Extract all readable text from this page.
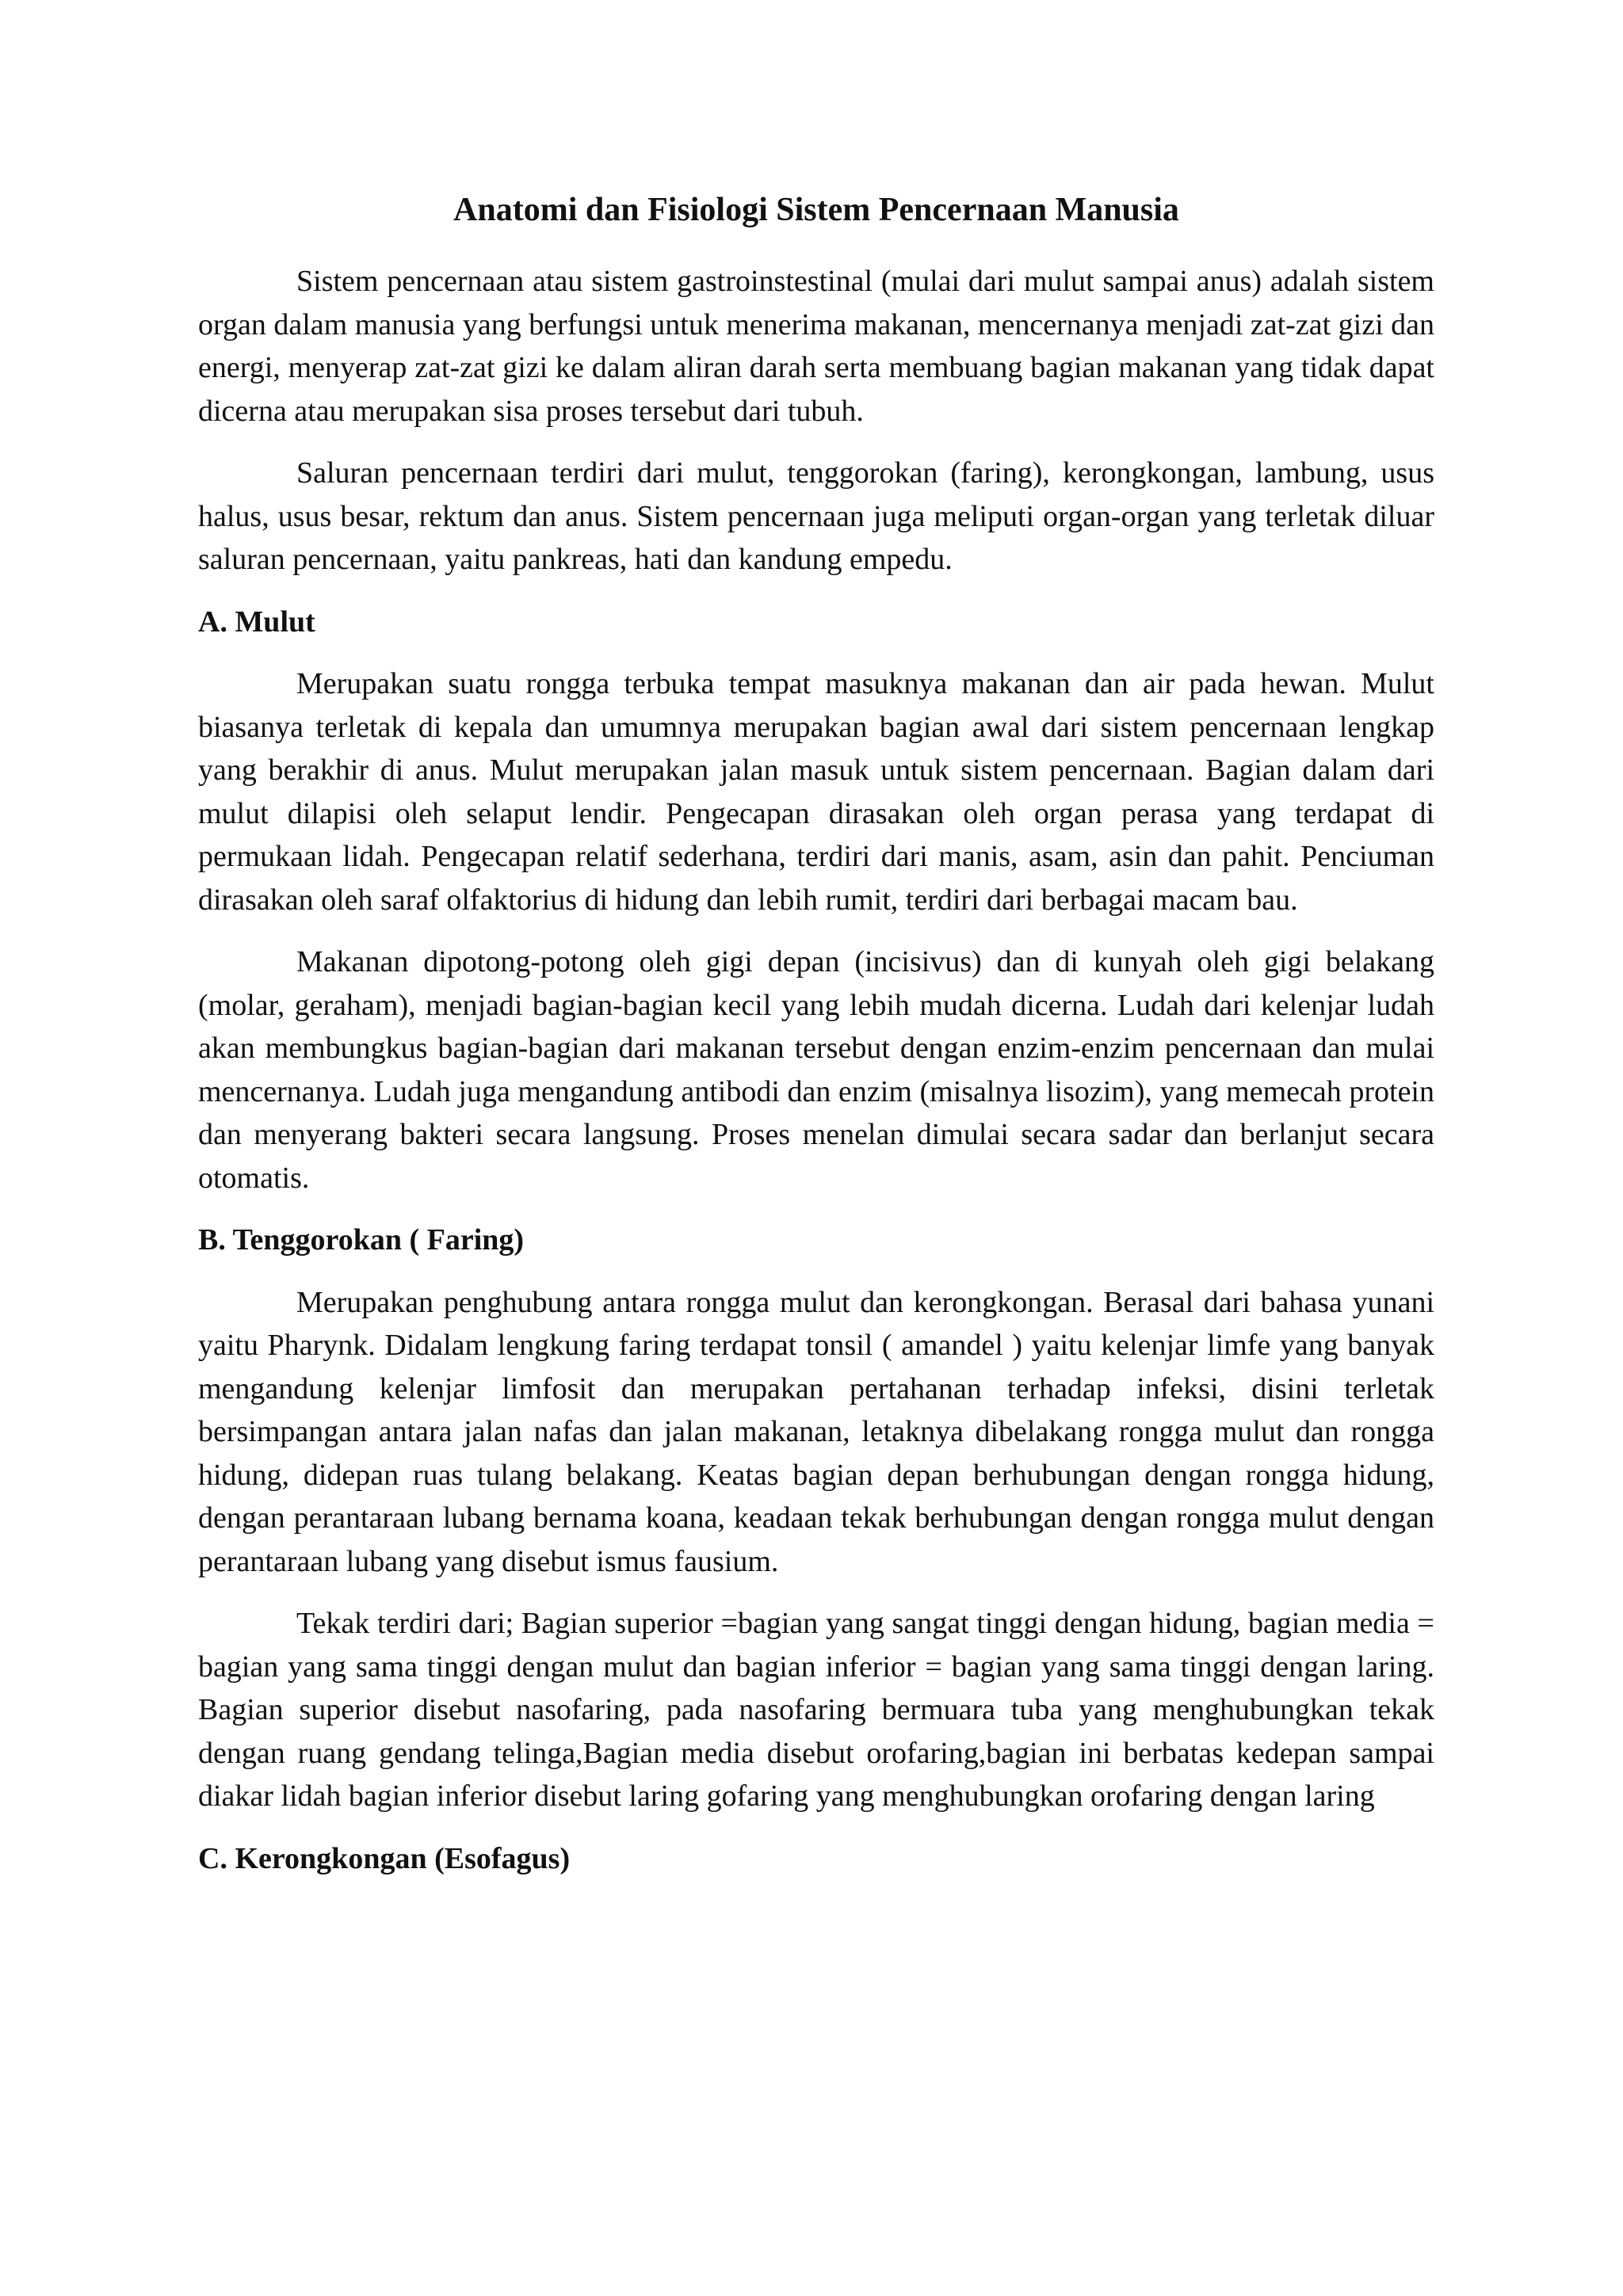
Anatomi dan Fisiologi Sistem Pencernaan Manusia

Sistem pencernaan atau sistem gastroinstestinal (mulai dari mulut sampai anus) adalah sistem organ dalam manusia yang berfungsi untuk menerima makanan, mencernanya menjadi zat-zat gizi dan energi, menyerap zat-zat gizi ke dalam aliran darah serta membuang bagian makanan yang tidak dapat dicerna atau merupakan sisa proses tersebut dari tubuh.

Saluran pencernaan terdiri dari mulut, tenggorokan (faring), kerongkongan, lambung, usus halus, usus besar, rektum dan anus. Sistem pencernaan juga meliputi organ-organ yang terletak diluar saluran pencernaan, yaitu pankreas, hati dan kandung empedu.

A. Mulut

Merupakan suatu rongga terbuka tempat masuknya makanan dan air pada hewan. Mulut biasanya terletak di kepala dan umumnya merupakan bagian awal dari sistem pencernaan lengkap yang berakhir di anus. Mulut merupakan jalan masuk untuk sistem pencernaan. Bagian dalam dari mulut dilapisi oleh selaput lendir. Pengecapan dirasakan oleh organ perasa yang terdapat di permukaan lidah. Pengecapan relatif sederhana, terdiri dari manis, asam, asin dan pahit. Penciuman dirasakan oleh saraf olfaktorius di hidung dan lebih rumit, terdiri dari berbagai macam bau.

Makanan dipotong-potong oleh gigi depan (incisivus) dan di kunyah oleh gigi belakang (molar, geraham), menjadi bagian-bagian kecil yang lebih mudah dicerna. Ludah dari kelenjar ludah akan membungkus bagian-bagian dari makanan tersebut dengan enzim-enzim pencernaan dan mulai mencernanya. Ludah juga mengandung antibodi dan enzim (misalnya lisozim), yang memecah protein dan menyerang bakteri secara langsung. Proses menelan dimulai secara sadar dan berlanjut secara otomatis.

B. Tenggorokan ( Faring)

Merupakan penghubung antara rongga mulut dan kerongkongan. Berasal dari bahasa yunani yaitu Pharynk. Didalam lengkung faring terdapat tonsil ( amandel ) yaitu kelenjar limfe yang banyak mengandung kelenjar limfosit dan merupakan pertahanan terhadap infeksi, disini terletak bersimpangan antara jalan nafas dan jalan makanan, letaknya dibelakang rongga mulut dan rongga hidung, didepan ruas tulang belakang. Keatas bagian depan berhubungan dengan rongga hidung, dengan perantaraan lubang bernama koana, keadaan tekak berhubungan dengan rongga mulut dengan perantaraan lubang yang disebut ismus fausium.

Tekak terdiri dari; Bagian superior =bagian yang sangat tinggi dengan hidung, bagian media = bagian yang sama tinggi dengan mulut dan bagian inferior = bagian yang sama tinggi dengan laring. Bagian superior disebut nasofaring, pada nasofaring bermuara tuba yang menghubungkan tekak dengan ruang gendang telinga,Bagian media disebut orofaring,bagian ini berbatas kedepan sampai diakar lidah bagian inferior disebut laring gofaring yang menghubungkan orofaring dengan laring

C. Kerongkongan (Esofagus)
